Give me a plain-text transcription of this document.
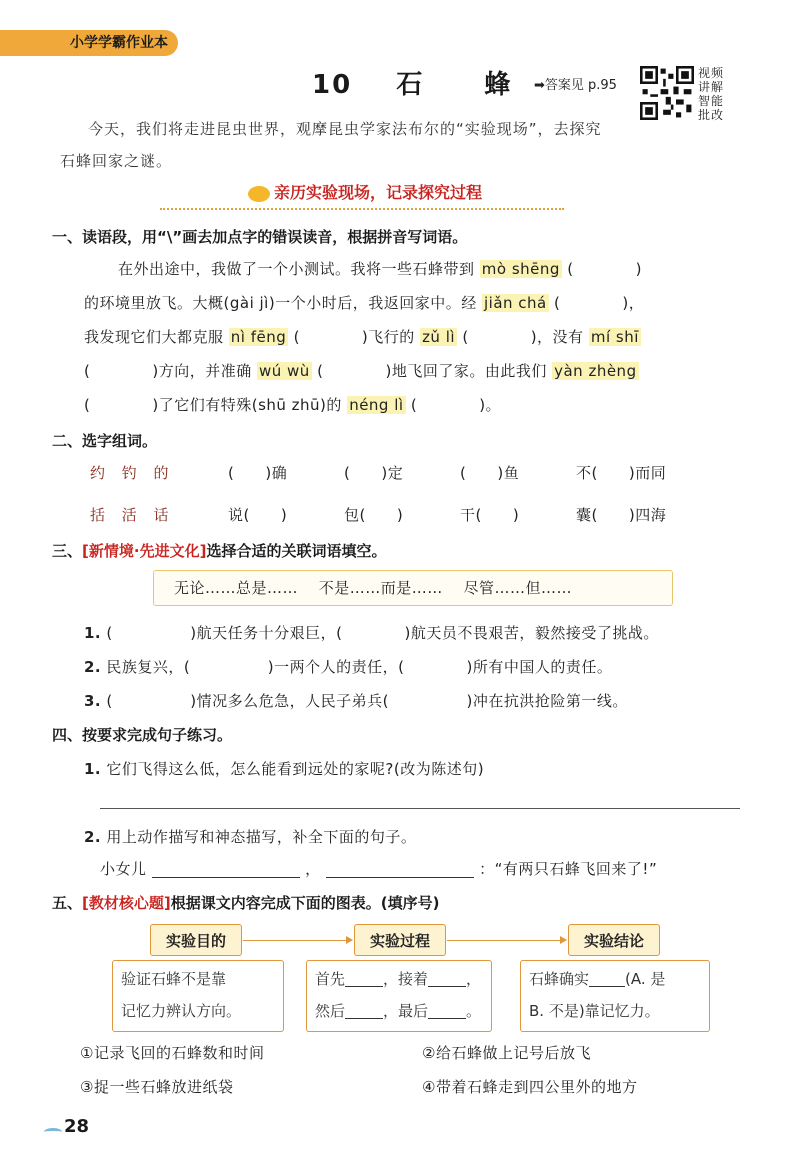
小学学霸作业本
10 石 蜂 ➡答案见 p.95
视频讲解 智能批改
今天，我们将走进昆虫世界，观摩昆虫学家法布尔的“实验现场”，去探究
石蜂回家之谜。
亲历实验现场，记录探究过程
一、读语段，用“\”画去加点字的错误读音，根据拼音写词语。
在外出途中，我做了一个小测试。我将一些石蜂带到 mò shēng (　　　　)
的环境里放飞。大概(gài jì)一个小时后，我返回家中。经 jiǎn chá (　　　　)，
我发现它们大都克服 nì fēng (　　　　)飞行的 zǔ lì (　　　　)，没有 mí shī
(　　　　)方向，并准确 wú wù (　　　　)地飞回了家。由此我们 yàn zhèng
(　　　　)了它们有特殊(shū zhū)的 néng lì (　　　　)。
二、选字组词。
约 钓 的	(　　)确	(　　)定	(　　)鱼	不(　　)而同
括 活 话	说(　　)	包(　　)	干(　　)	囊(　　)四海
三、[新情境·先进文化]选择合适的关联词语填空。
无论……总是……　 不是……而是……　 尽管……但……
1. (　　　　　	)航天任务十分艰巨，(　　　　	)航天员不畏艰苦，毅然接受了挑战。
2. 民族复兴，(　　　　　	)一两个人的责任，(　　　　	)所有中国人的责任。
3. (　　　　　	)情况多么危急，人民子弟兵(　　　　　	)冲在抗洪抢险第一线。
四、按要求完成句子练习。
1. 它们飞得这么低，怎么能看到远处的家呢?(改为陈述句)
2. 用上动作描写和神态描写，补全下面的句子。
小女儿	，	：“有两只石蜂飞回来了!”
五、[教材核心题]根据课文内容完成下面的图表。(填序号)
实验目的	实验过程	实验结论
验证石蜂不是靠
记忆力辨认方向。
首先	，接着	，
然后	，最后	。
石蜂确实 (A. 是
B. 不是)靠记忆力。
①记录飞回的石蜂数和时间	②给石蜂做上记号后放飞
③捉一些石蜂放进纸袋	④带着石蜂走到四公里外的地方
28
